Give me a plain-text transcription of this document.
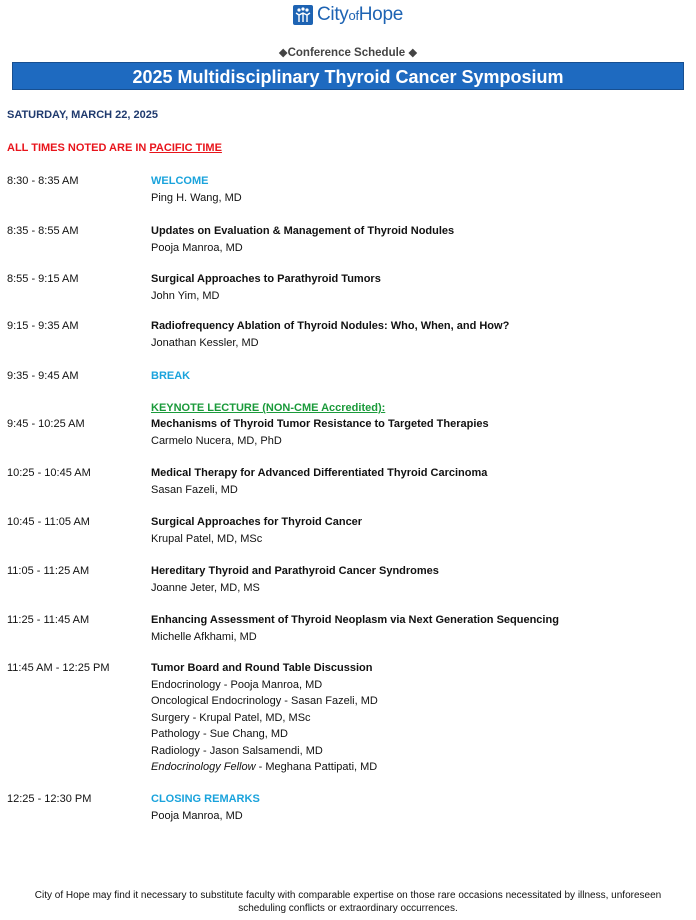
CityofHope
◆Conference Schedule ◆
2025 Multidisciplinary Thyroid Cancer Symposium
SATURDAY, MARCH 22, 2025
ALL TIMES NOTED ARE IN PACIFIC TIME
8:30 - 8:35 AM	WELCOME
Ping H. Wang, MD
8:35 - 8:55 AM	Updates on Evaluation & Management of Thyroid Nodules
Pooja Manroa, MD
8:55 - 9:15 AM	Surgical Approaches to Parathyroid Tumors
John Yim, MD
9:15 - 9:35 AM	Radiofrequency Ablation of Thyroid Nodules: Who, When, and How?
Jonathan Kessler, MD
9:35 - 9:45 AM	BREAK
KEYNOTE LECTURE (NON-CME Accredited):
9:45 - 10:25 AM	Mechanisms of Thyroid Tumor Resistance to Targeted Therapies
Carmelo Nucera, MD, PhD
10:25 - 10:45 AM	Medical Therapy for Advanced Differentiated Thyroid Carcinoma
Sasan Fazeli, MD
10:45 - 11:05 AM	Surgical Approaches for Thyroid Cancer
Krupal Patel, MD, MSc
11:05 - 11:25 AM	Hereditary Thyroid and Parathyroid Cancer Syndromes
Joanne Jeter, MD, MS
11:25 - 11:45 AM	Enhancing Assessment of Thyroid Neoplasm via Next Generation Sequencing
Michelle Afkhami, MD
11:45 AM - 12:25 PM	Tumor Board and Round Table Discussion
Endocrinology - Pooja Manroa, MD
Oncological Endocrinology - Sasan Fazeli, MD
Surgery - Krupal Patel, MD, MSc
Pathology - Sue Chang, MD
Radiology - Jason Salsamendi, MD
Endocrinology Fellow - Meghana Pattipati, MD
12:25 - 12:30 PM	CLOSING REMARKS
Pooja Manroa, MD
City of Hope may find it necessary to substitute faculty with comparable expertise on those rare occasions necessitated by illness, unforeseen
scheduling conflicts or extraordinary occurrences.
